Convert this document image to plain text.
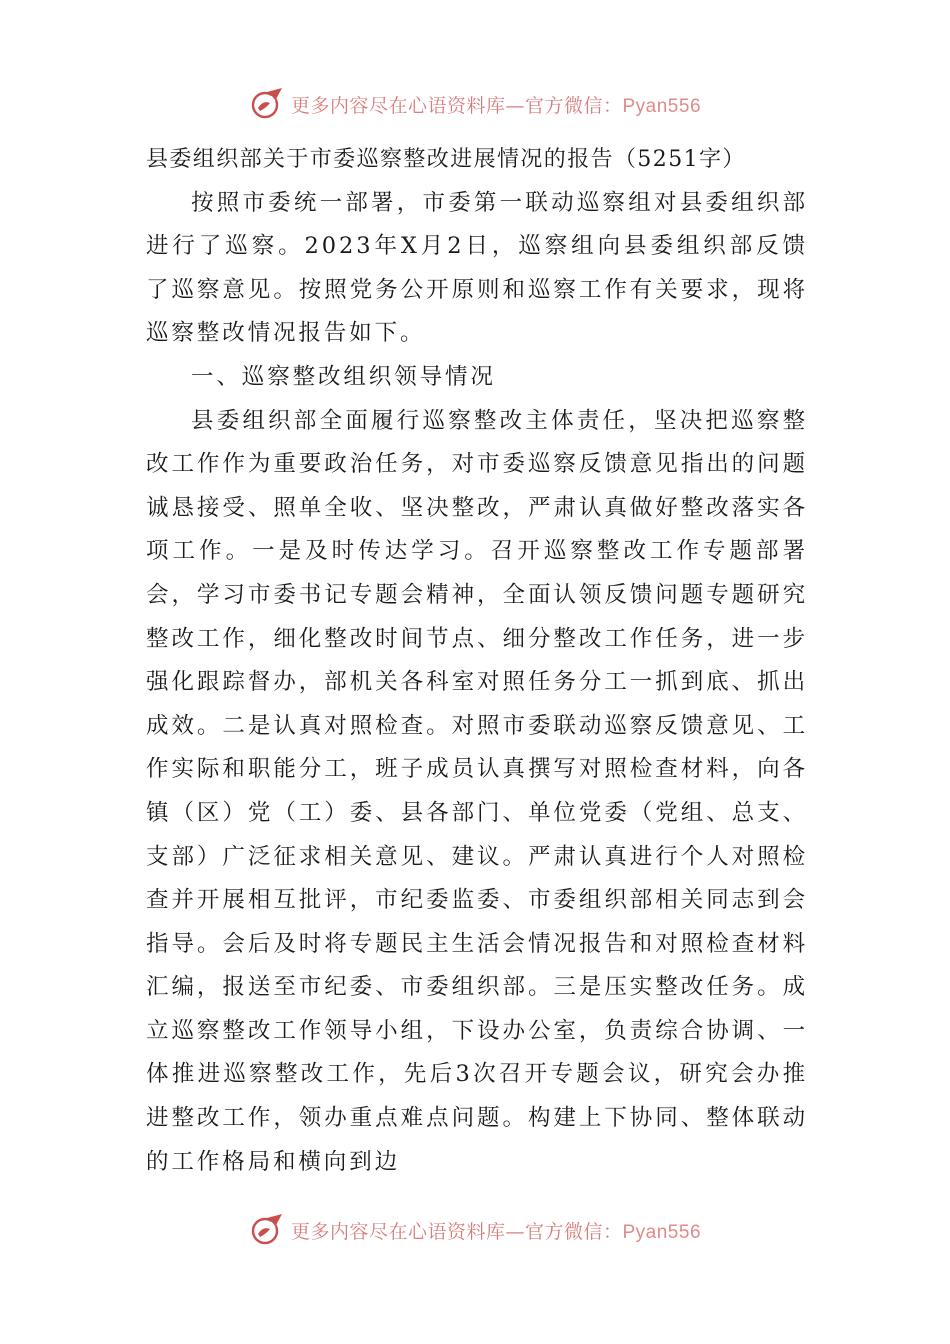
更多内容尽在心语资料库—官方微信：Pyan556

县委组织部关于市委巡察整改进展情况的报告（5251字）

按照市委统一部署，市委第一联动巡察组对县委组织部进行了巡察。2023年X月2日，巡察组向县委组织部反馈了巡察意见。按照党务公开原则和巡察工作有关要求，现将巡察整改情况报告如下。

一、巡察整改组织领导情况

县委组织部全面履行巡察整改主体责任，坚决把巡察整改工作作为重要政治任务，对市委巡察反馈意见指出的问题诚恳接受、照单全收、坚决整改，严肃认真做好整改落实各项工作。一是及时传达学习。召开巡察整改工作专题部署会，学习市委书记专题会精神，全面认领反馈问题专题研究整改工作，细化整改时间节点、细分整改工作任务，进一步强化跟踪督办，部机关各科室对照任务分工一抓到底、抓出成效。二是认真对照检查。对照市委联动巡察反馈意见、工作实际和职能分工，班子成员认真撰写对照检查材料，向各镇（区）党（工）委、县各部门、单位党委（党组、总支、支部）广泛征求相关意见、建议。严肃认真进行个人对照检查并开展相互批评，市纪委监委、市委组织部相关同志到会指导。会后及时将专题民主生活会情况报告和对照检查材料汇编，报送至市纪委、市委组织部。三是压实整改任务。成立巡察整改工作领导小组，下设办公室，负责综合协调、一体推进巡察整改工作，先后3次召开专题会议，研究会办推进整改工作，领办重点难点问题。构建上下协同、整体联动的工作格局和横向到边

更多内容尽在心语资料库—官方微信：Pyan556
